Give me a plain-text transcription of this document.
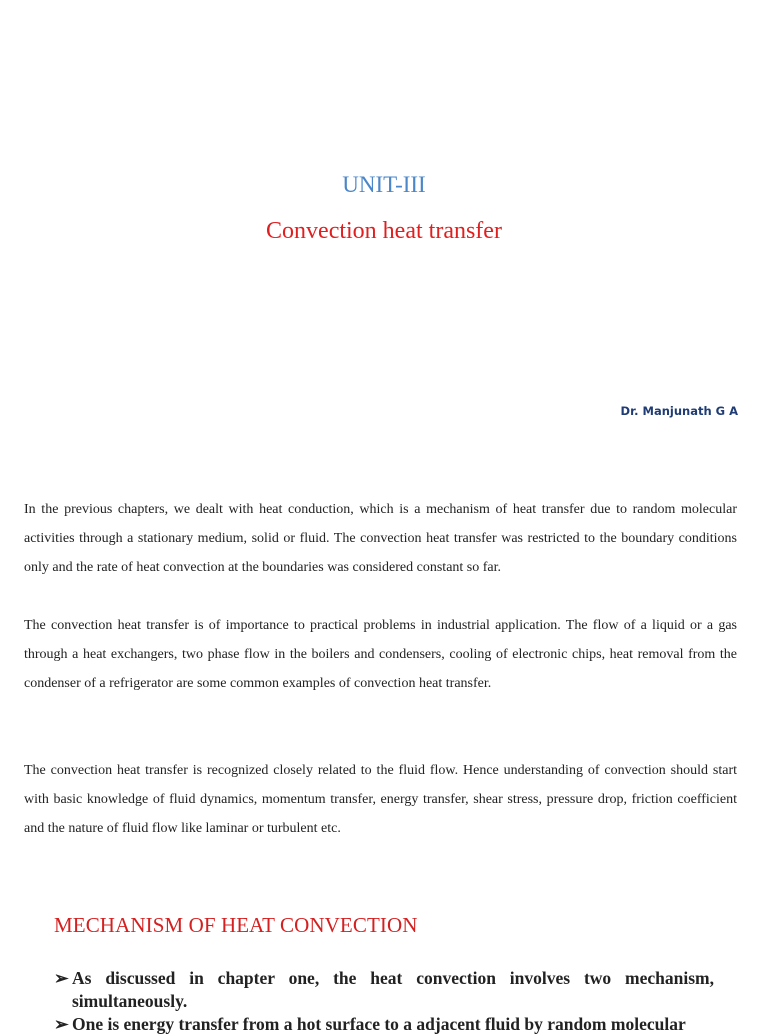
UNIT-III
Convection heat transfer
Dr. Manjunath G A

In the previous chapters, we dealt with heat conduction, which is a mechanism of heat transfer due to random molecular activities through a stationary medium, solid or fluid. The convection heat transfer was restricted to the boundary conditions only and the rate of heat convection at the boundaries was considered constant so far.

The convection heat transfer is of importance to practical problems in industrial application. The flow of a liquid or a gas through a heat exchangers, two phase flow in the boilers and condensers, cooling of electronic chips, heat removal from the condenser of a refrigerator are some common examples of convection heat transfer.

The convection heat transfer is recognized closely related to the fluid flow. Hence understanding of convection should start with basic knowledge of fluid dynamics, momentum transfer, energy transfer, shear stress, pressure drop, friction coefficient and the nature of fluid flow like laminar or turbulent etc.

MECHANISM OF HEAT CONVECTION
➢ As discussed in chapter one, the heat convection involves two mechanism, simultaneously.
➢ One is energy transfer from a hot surface to a adjacent fluid by random molecular
